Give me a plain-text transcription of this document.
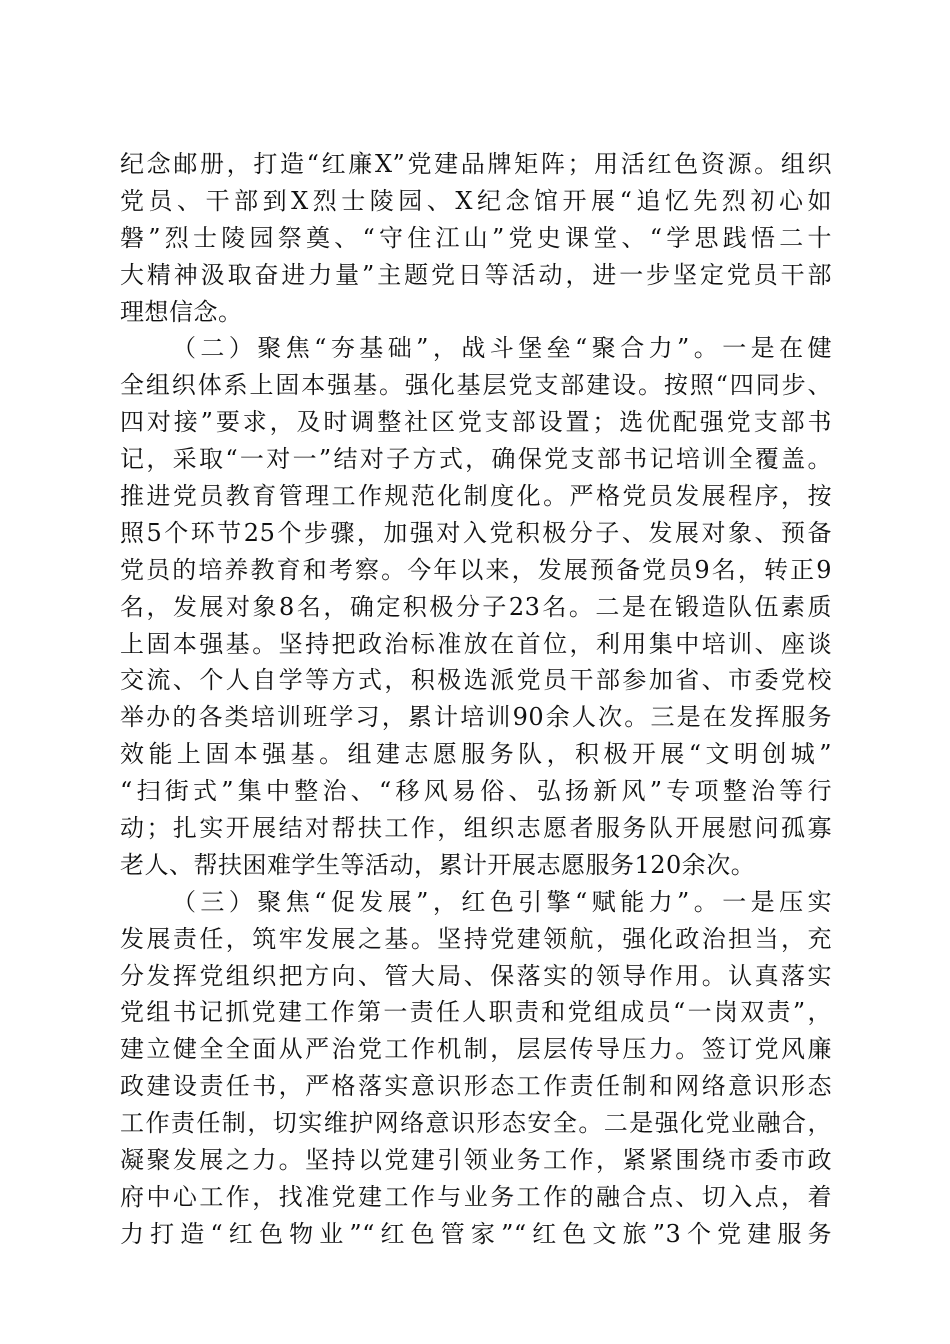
纪念邮册，打造“红廉X”党建品牌矩阵；用活红色资源。组织
党员、干部到X烈士陵园、X纪念馆开展“追忆先烈初心如
磐”烈士陵园祭奠、“守住江山”党史课堂、“学思践悟二十
大精神汲取奋进力量”主题党日等活动，进一步坚定党员干部
理想信念。
（二）聚焦“夯基础”，战斗堡垒“聚合力”。一是在健
全组织体系上固本强基。强化基层党支部建设。按照“四同步、
四对接”要求，及时调整社区党支部设置；选优配强党支部书
记，采取“一对一”结对子方式，确保党支部书记培训全覆盖。
推进党员教育管理工作规范化制度化。严格党员发展程序，按
照5个环节25个步骤，加强对入党积极分子、发展对象、预备
党员的培养教育和考察。今年以来，发展预备党员9名，转正9
名，发展对象8名，确定积极分子23名。二是在锻造队伍素质
上固本强基。坚持把政治标准放在首位，利用集中培训、座谈
交流、个人自学等方式，积极选派党员干部参加省、市委党校
举办的各类培训班学习，累计培训90余人次。三是在发挥服务
效能上固本强基。组建志愿服务队，积极开展“文明创城”
“扫街式”集中整治、“移风易俗、弘扬新风”专项整治等行
动；扎实开展结对帮扶工作，组织志愿者服务队开展慰问孤寡
老人、帮扶困难学生等活动，累计开展志愿服务120余次。
（三）聚焦“促发展”，红色引擎“赋能力”。一是压实
发展责任，筑牢发展之基。坚持党建领航，强化政治担当，充
分发挥党组织把方向、管大局、保落实的领导作用。认真落实
党组书记抓党建工作第一责任人职责和党组成员“一岗双责”，
建立健全全面从严治党工作机制，层层传导压力。签订党风廉
政建设责任书，严格落实意识形态工作责任制和网络意识形态
工作责任制，切实维护网络意识形态安全。二是强化党业融合，
凝聚发展之力。坚持以党建引领业务工作，紧紧围绕市委市政
府中心工作，找准党建工作与业务工作的融合点、切入点，着
力打造“红色物业”“红色管家”“红色文旅”3个党建服务
